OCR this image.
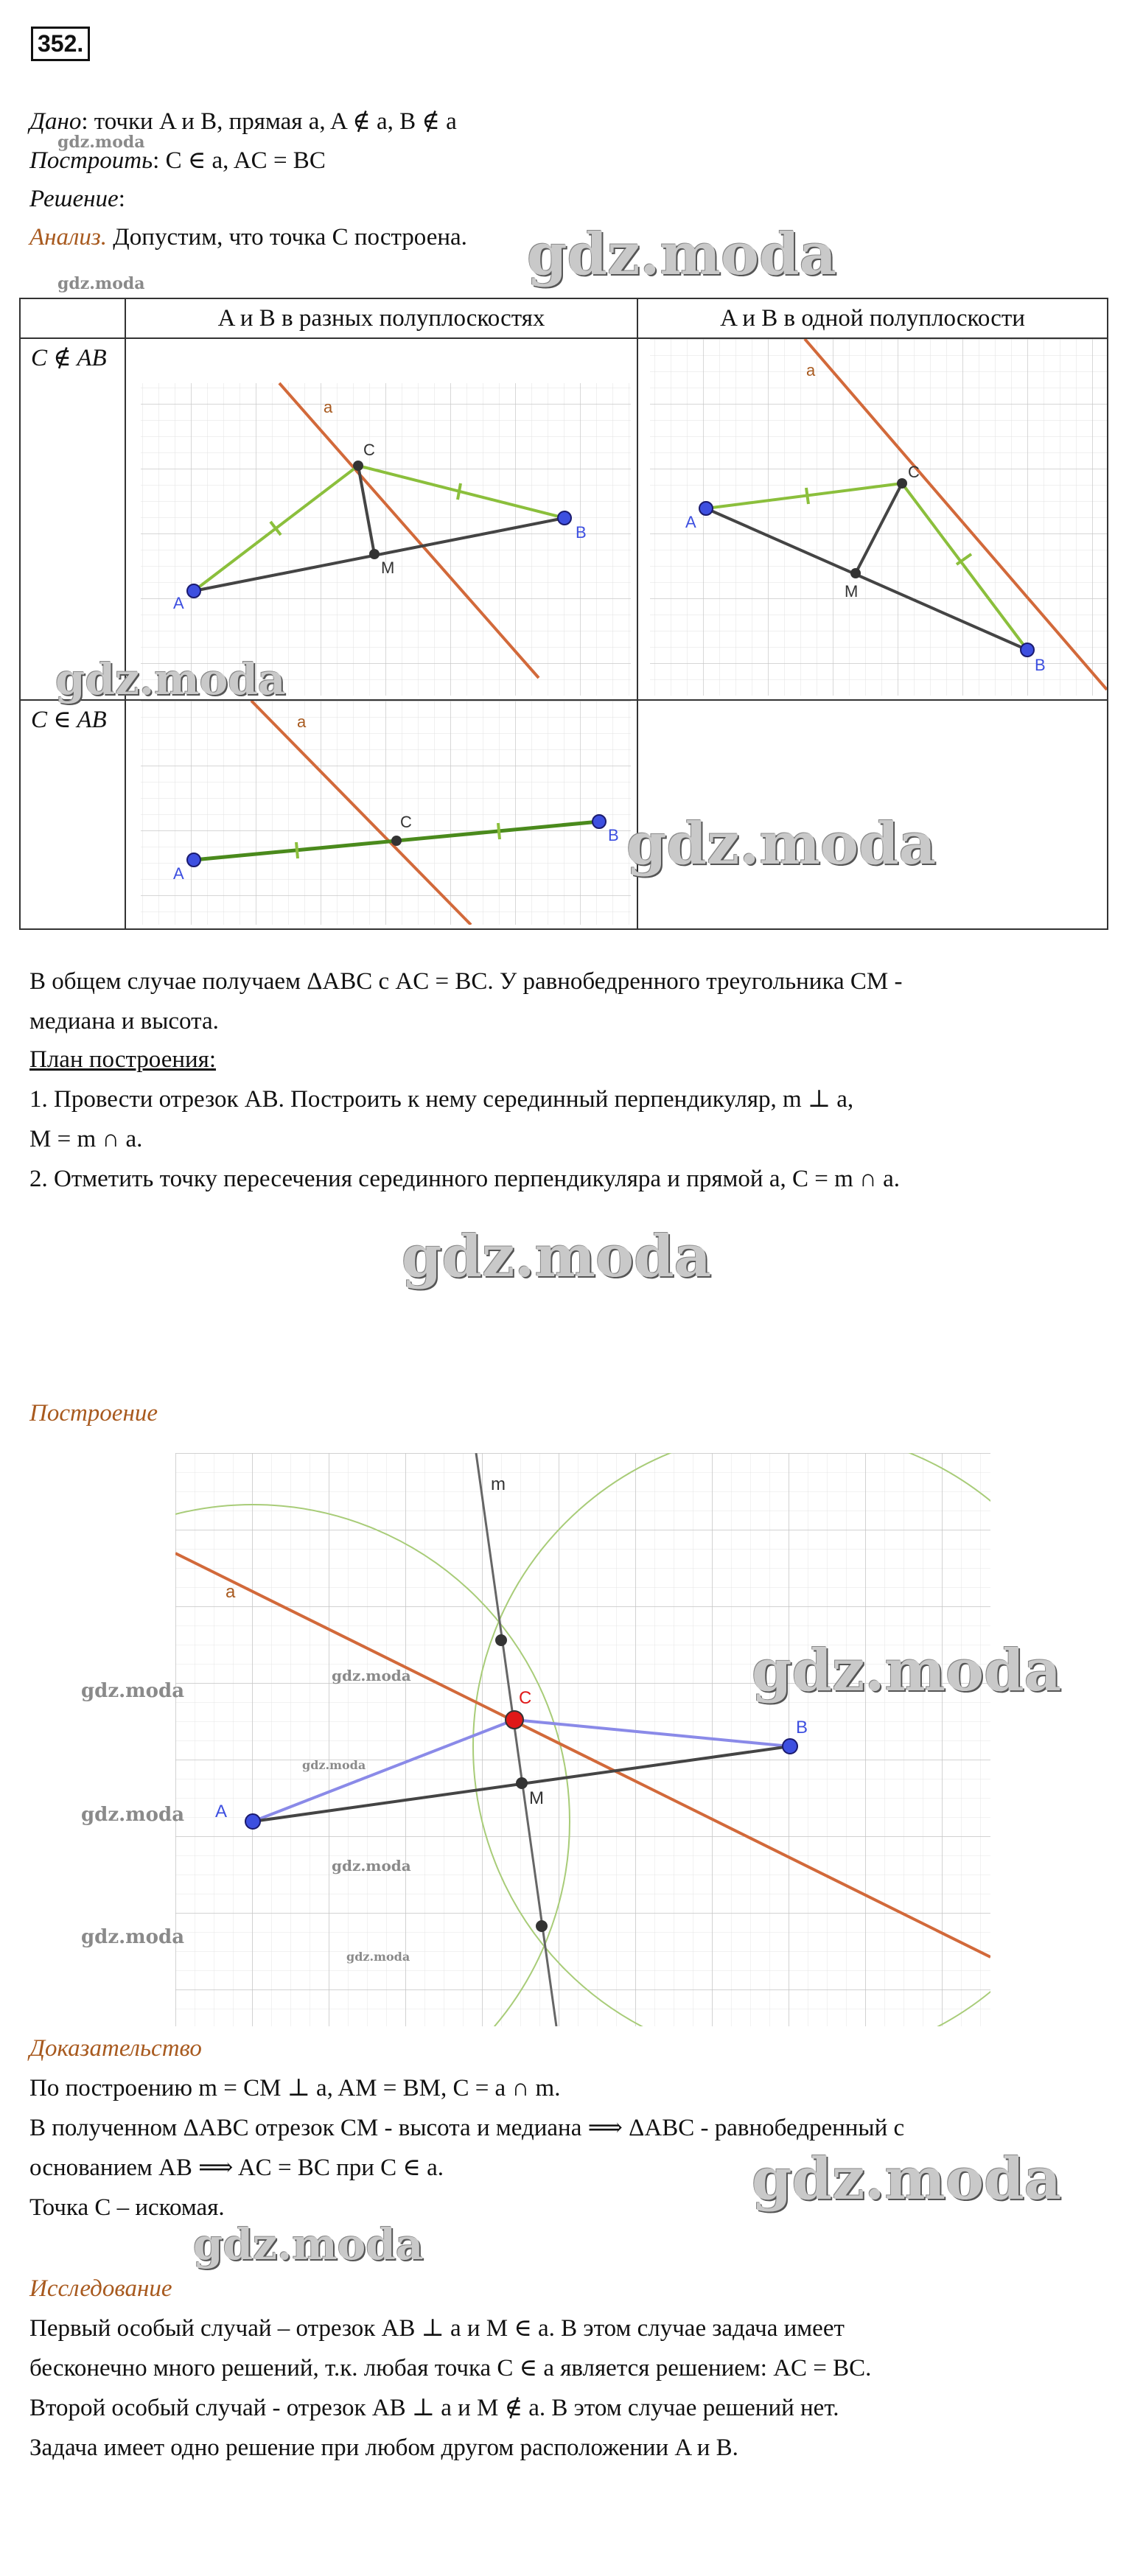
352.
Дано: точки A и B, прямая a, A ∉ a, B ∉ a
Построить: C ∈ a, AC = BC
Решение:
Анализ. Допустим, что точка C построена. gdz.moda
gdz.moda
gdz.moda
	A и B в разных полуплоскостях	A и B в одной полуплоскости

C ∉ AB	a
A
B
C
M	a
A
B
C
M

C ∈ AB	a
A
B
C	

gdz.moda
gdz.moda
В общем случае получаем ΔABC с AC = BC. У равнобедренного треугольника CM -
медиана и высота.
План построения:
1. Провести отрезок AB. Построить к нему серединный перпендикуляр, m ⊥ a,
M = m ∩ a.
2. Отметить точку пересечения серединного перпендикуляра и прямой a, C = m ∩ a.
gdz.moda
Построение
a
m
C
M
A
B
gdz.moda
gdz.moda
gdz.moda
gdz.moda
gdz.moda
gdz.moda
gdz.moda
gdz.moda
Доказательство
По построению m = CM ⊥ a, AM = BM, C = a ∩ m.
В полученном ΔABC отрезок CM - высота и медиана ⟹ ΔABC - равнобедренный с
основанием AB ⟹ AC = BC при C ∈ a.
Точка C – искомая.	gdz.moda
gdz.moda
Исследование
Первый особый случай – отрезок AB ⊥ a и M ∈ a. В этом случае задача имеет
бесконечно много решений, т.к. любая точка C ∈ a является решением: AC = BC.
Второй особый случай - отрезок AB ⊥ a и M ∉ a. В этом случае решений нет.
Задача имеет одно решение при любом другом расположении A и B.
